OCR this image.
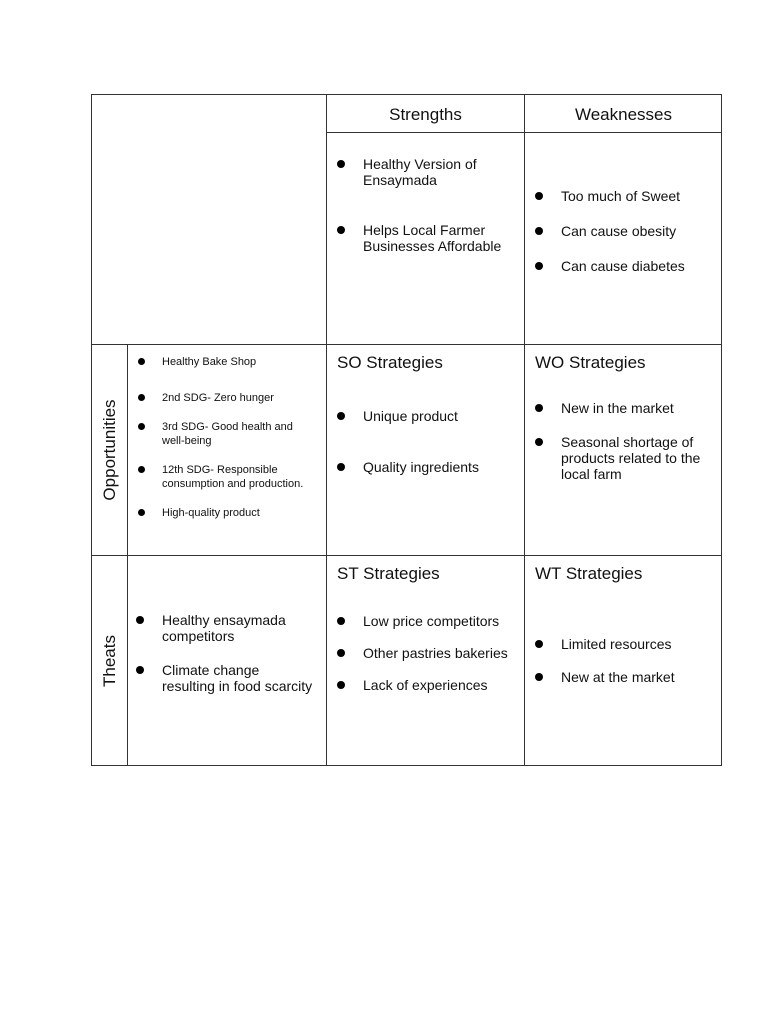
Strengths	Weaknesses
Healthy Version of Ensaymada
Helps Local Farmer Businesses Affordable
Too much of Sweet
Can cause obesity
Can cause diabetes
Opportunities
Healthy Bake Shop
2nd SDG- Zero hunger
3rd SDG- Good health and well-being
12th SDG- Responsible consumption and production.
High-quality product
SO Strategies
Unique product
Quality ingredients
WO Strategies
New in the market
Seasonal shortage of products related to the local farm
Theats
Healthy ensaymada competitors
Climate change resulting in food scarcity
ST Strategies
Low price competitors
Other pastries bakeries
Lack of experiences
WT Strategies
Limited resources
New at the market
